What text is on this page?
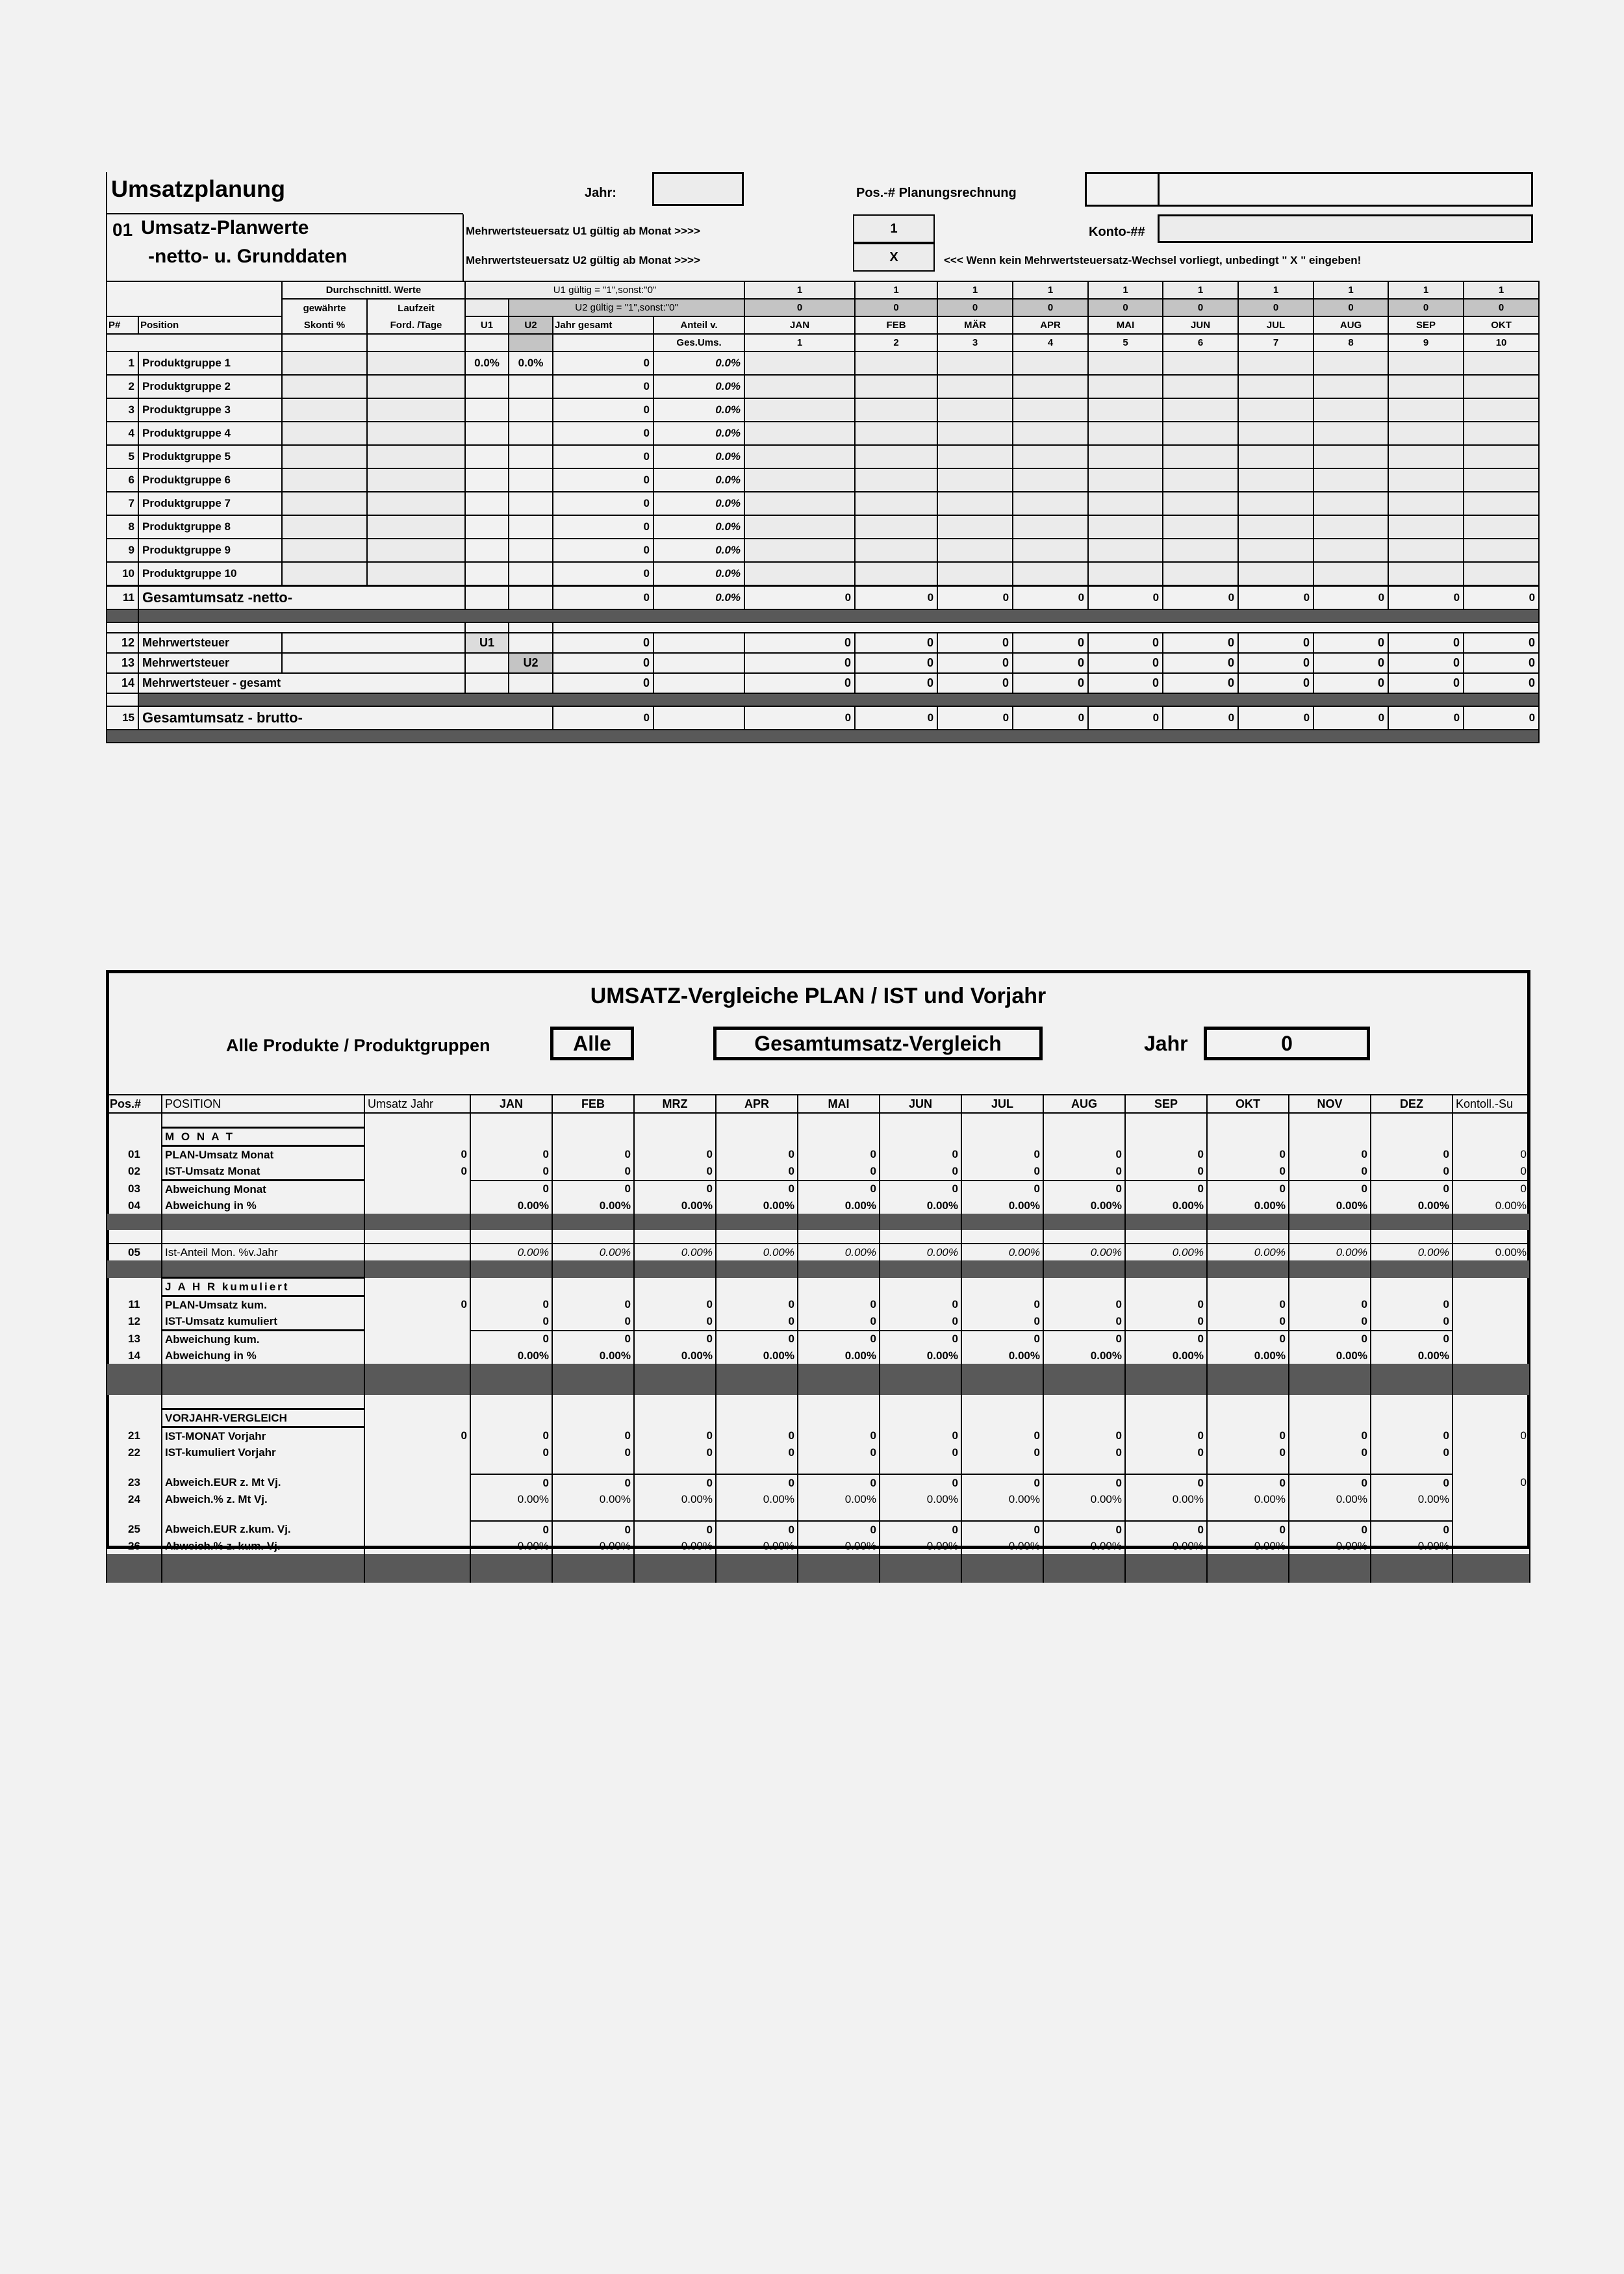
Umsatzplanung	Jahr:	Pos.-# Planungsrechnung
01 Umsatz-Planwerte
-netto- u. Grunddaten
Mehrwertsteuersatz U1 gültig ab Monat >>>>	1	Konto-##
Mehrwertsteuersatz U2 gültig ab Monat >>>>	X	<<< Wenn kein Mehrwertsteuersatz-Wechsel vorliegt, unbedingt " X " eingeben!
		Durchschnittl. Werte		U1 gültig = "1",sonst:"0"				1	1	1	1	1	1	1	1	1	1
		gewährte	Laufzeit		U2 gültig = "1",sonst:"0"			0	0	0	0	0	0	0	0	0	0
P#	Position	Skonti %	Ford. /Tage	U1	U2	Jahr gesamt	Anteil v.	JAN	FEB	MÄR	APR	MAI	JUN	JUL	AUG	SEP	OKT
							Ges.Ums.	1	2	3	4	5	6	7	8	9	10
1	Produktgruppe 1			0.0%	0.0%	0	0.0%										
2	Produktgruppe 2					0	0.0%										
3	Produktgruppe 3					0	0.0%										
4	Produktgruppe 4					0	0.0%										
5	Produktgruppe 5					0	0.0%										
6	Produktgruppe 6					0	0.0%										
7	Produktgruppe 7					0	0.0%										
8	Produktgruppe 8					0	0.0%										
9	Produktgruppe 9					0	0.0%										
10	Produktgruppe 10					0	0.0%										
11	Gesamtumsatz -netto-					0	0.0%	0	0	0	0	0	0	0	0	0	0

12	Mehrwertsteuer			U1		0		0	0	0	0	0	0	0	0	0	0
13	Mehrwertsteuer				U2	0		0	0	0	0	0	0	0	0	0	0
14	Mehrwertsteuer - gesamt					0		0	0	0	0	0	0	0	0	0	0

15	Gesamtumsatz - brutto-					0		0	0	0	0	0	0	0	0	0	0

UMSATZ-Vergleiche PLAN / IST und Vorjahr
Alle Produkte / Produktgruppen	Alle	Gesamtumsatz-Vergleich	Jahr	0
Pos.#	POSITION	Umsatz Jahr	JAN	FEB	MRZ	APR	MAI	JUN	JUL	AUG	SEP	OKT	NOV	DEZ	Kontoll.-Su

	M O N A T														
01	PLAN-Umsatz Monat	0	0	0	0	0	0	0	0	0	0	0	0	0	0
02	IST-Umsatz Monat	0	0	0	0	0	0	0	0	0	0	0	0	0	0
03	Abweichung Monat		0	0	0	0	0	0	0	0	0	0	0	0	0
04	Abweichung in %		0.00%	0.00%	0.00%	0.00%	0.00%	0.00%	0.00%	0.00%	0.00%	0.00%	0.00%	0.00%	0.00%

05	Ist-Anteil Mon. %v.Jahr		0.00%	0.00%	0.00%	0.00%	0.00%	0.00%	0.00%	0.00%	0.00%	0.00%	0.00%	0.00%	0.00%

	J A H R kumuliert														
11	PLAN-Umsatz kum.	0	0	0	0	0	0	0	0	0	0	0	0	0	
12	IST-Umsatz kumuliert		0	0	0	0	0	0	0	0	0	0	0	0	
13	Abweichung kum.		0	0	0	0	0	0	0	0	0	0	0	0	
14	Abweichung in %		0.00%	0.00%	0.00%	0.00%	0.00%	0.00%	0.00%	0.00%	0.00%	0.00%	0.00%	0.00%	

	VORJAHR-VERGLEICH														
21	IST-MONAT Vorjahr	0	0	0	0	0	0	0	0	0	0	0	0	0	0
22	IST-kumuliert Vorjahr		0	0	0	0	0	0	0	0	0	0	0	0	

23	Abweich.EUR z. Mt Vj.		0	0	0	0	0	0	0	0	0	0	0	0	0
24	Abweich.% z. Mt Vj.		0.00%	0.00%	0.00%	0.00%	0.00%	0.00%	0.00%	0.00%	0.00%	0.00%	0.00%	0.00%	

25	Abweich.EUR z.kum. Vj.		0	0	0	0	0	0	0	0	0	0	0	0	
26	Abweich.% z. kum. Vj.		0.00%	0.00%	0.00%	0.00%	0.00%	0.00%	0.00%	0.00%	0.00%	0.00%	0.00%	0.00%	
